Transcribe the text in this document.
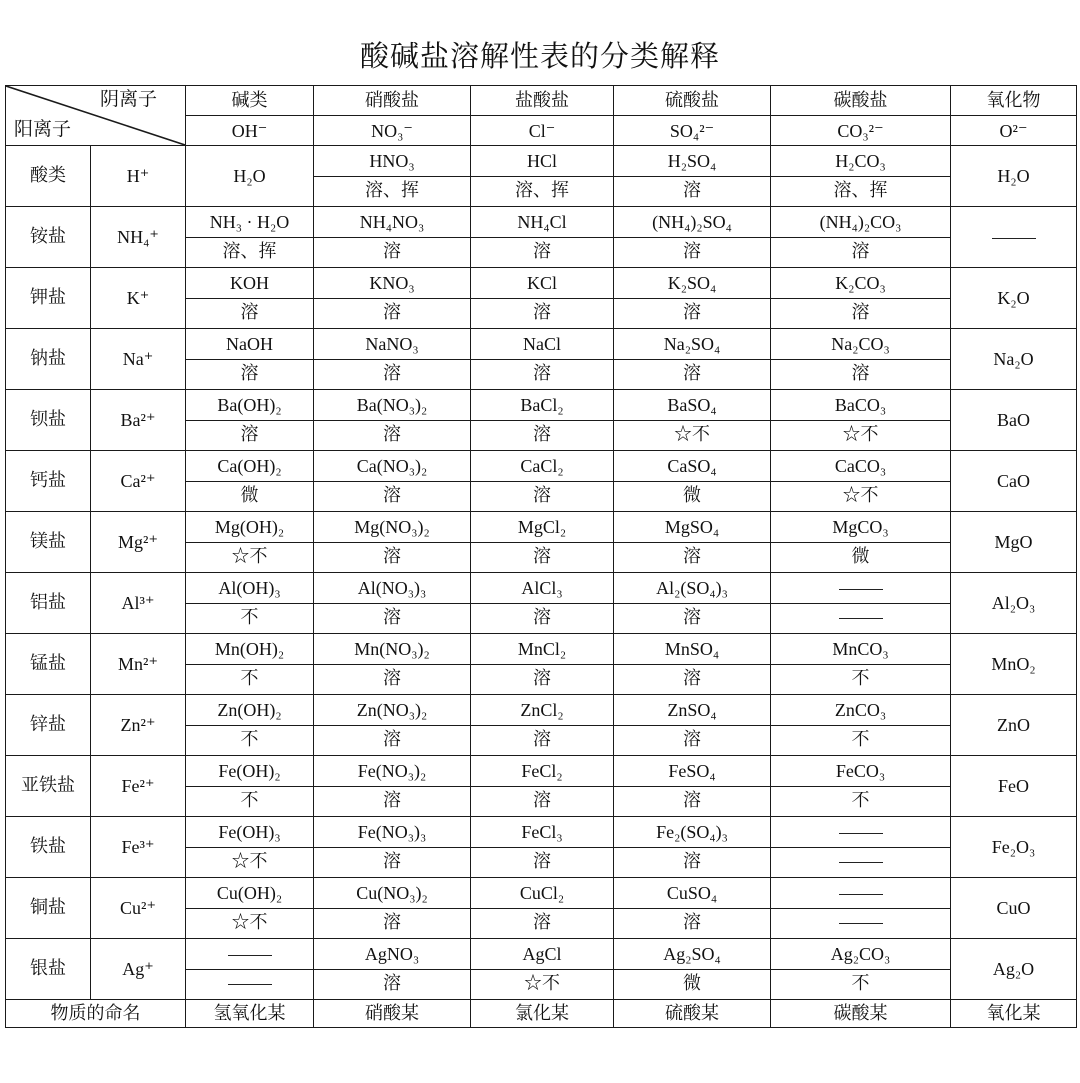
酸碱盐溶解性表的分类解释
阴离子
阳离子		碱类	硝酸盐	盐酸盐	硫酸盐	碳酸盐	氧化物
		OH⁻	NO₃⁻	Cl⁻	SO₄²⁻	CO₃²⁻	O²⁻
酸类	H⁺	H₂O	HNO₃	HCl	H₂SO₄	H₂CO₃	H₂O
			溶、挥	溶、挥	溶	溶、挥	
铵盐	NH₄⁺	NH₃ · H₂O	NH₄NO₃	NH₄Cl	(NH₄)₂SO₄	(NH₄)₂CO₃	
		溶、挥	溶	溶	溶	溶	
钾盐	K⁺	KOH	KNO₃	KCl	K₂SO₄	K₂CO₃	K₂O
		溶	溶	溶	溶	溶	
钠盐	Na⁺	NaOH	NaNO₃	NaCl	Na₂SO₄	Na₂CO₃	Na₂O
		溶	溶	溶	溶	溶	
钡盐	Ba²⁺	Ba(OH)₂	Ba(NO₃)₂	BaCl₂	BaSO₄	BaCO₃	BaO
		溶	溶	溶	☆不	☆不	
钙盐	Ca²⁺	Ca(OH)₂	Ca(NO₃)₂	CaCl₂	CaSO₄	CaCO₃	CaO
		微	溶	溶	微	☆不	
镁盐	Mg²⁺	Mg(OH)₂	Mg(NO₃)₂	MgCl₂	MgSO₄	MgCO₃	MgO
		☆不	溶	溶	溶	微	
铝盐	Al³⁺	Al(OH)₃	Al(NO₃)₃	AlCl₃	Al₂(SO₄)₃		Al₂O₃
		不	溶	溶	溶		
锰盐	Mn²⁺	Mn(OH)₂	Mn(NO₃)₂	MnCl₂	MnSO₄	MnCO₃	MnO₂
		不	溶	溶	溶	不	
锌盐	Zn²⁺	Zn(OH)₂	Zn(NO₃)₂	ZnCl₂	ZnSO₄	ZnCO₃	ZnO
		不	溶	溶	溶	不	
亚铁盐	Fe²⁺	Fe(OH)₂	Fe(NO₃)₂	FeCl₂	FeSO₄	FeCO₃	FeO
		不	溶	溶	溶	不	
铁盐	Fe³⁺	Fe(OH)₃	Fe(NO₃)₃	FeCl₃	Fe₂(SO₄)₃		Fe₂O₃
		☆不	溶	溶	溶		
铜盐	Cu²⁺	Cu(OH)₂	Cu(NO₃)₂	CuCl₂	CuSO₄		CuO
		☆不	溶	溶	溶		
银盐	Ag⁺		AgNO₃	AgCl	Ag₂SO₄	Ag₂CO₃	Ag₂O
			溶	☆不	微	不	
物质的命名		氢氧化某	硝酸某	氯化某	硫酸某	碳酸某	氧化某
